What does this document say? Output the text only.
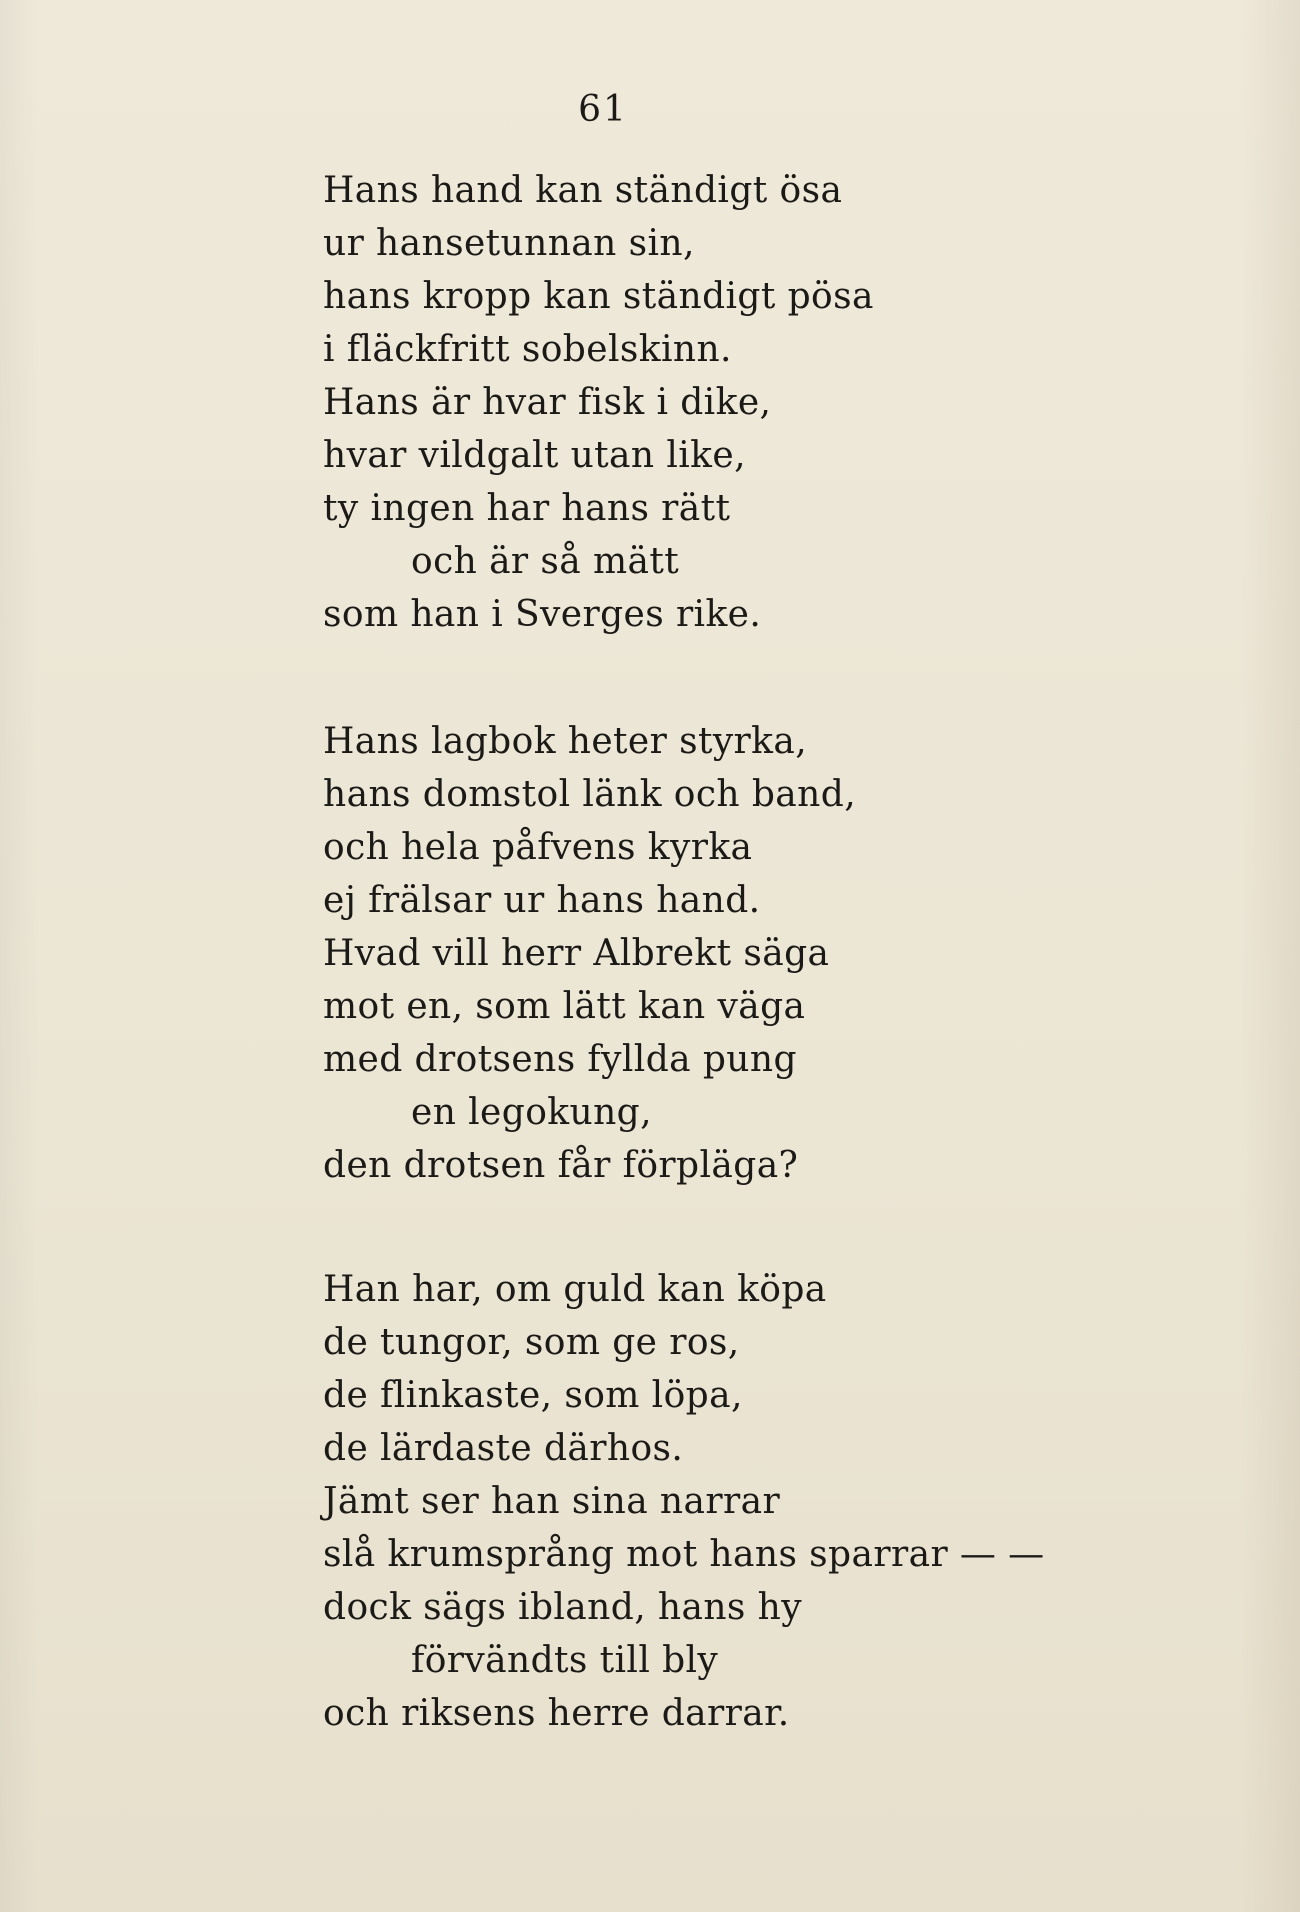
61
Hans hand kan ständigt ösa
ur hansetunnan sin,
hans kropp kan ständigt pösa
i fläckfritt sobelskinn.
Hans är hvar fisk i dike,
hvar vildgalt utan like,
ty ingen har hans rätt
och är så mätt
som han i Sverges rike.
Hans lagbok heter styrka,
hans domstol länk och band,
och hela påfvens kyrka
ej frälsar ur hans hand.
Hvad vill herr Albrekt säga
mot en, som lätt kan väga
med drotsens fyllda pung
en legokung,
den drotsen får förpläga?
Han har, om guld kan köpa
de tungor, som ge ros,
de flinkaste, som löpa,
de lärdaste därhos.
Jämt ser han sina narrar
slå krumsprång mot hans sparrar — —
dock sägs ibland, hans hy
förvändts till bly
och riksens herre darrar.
